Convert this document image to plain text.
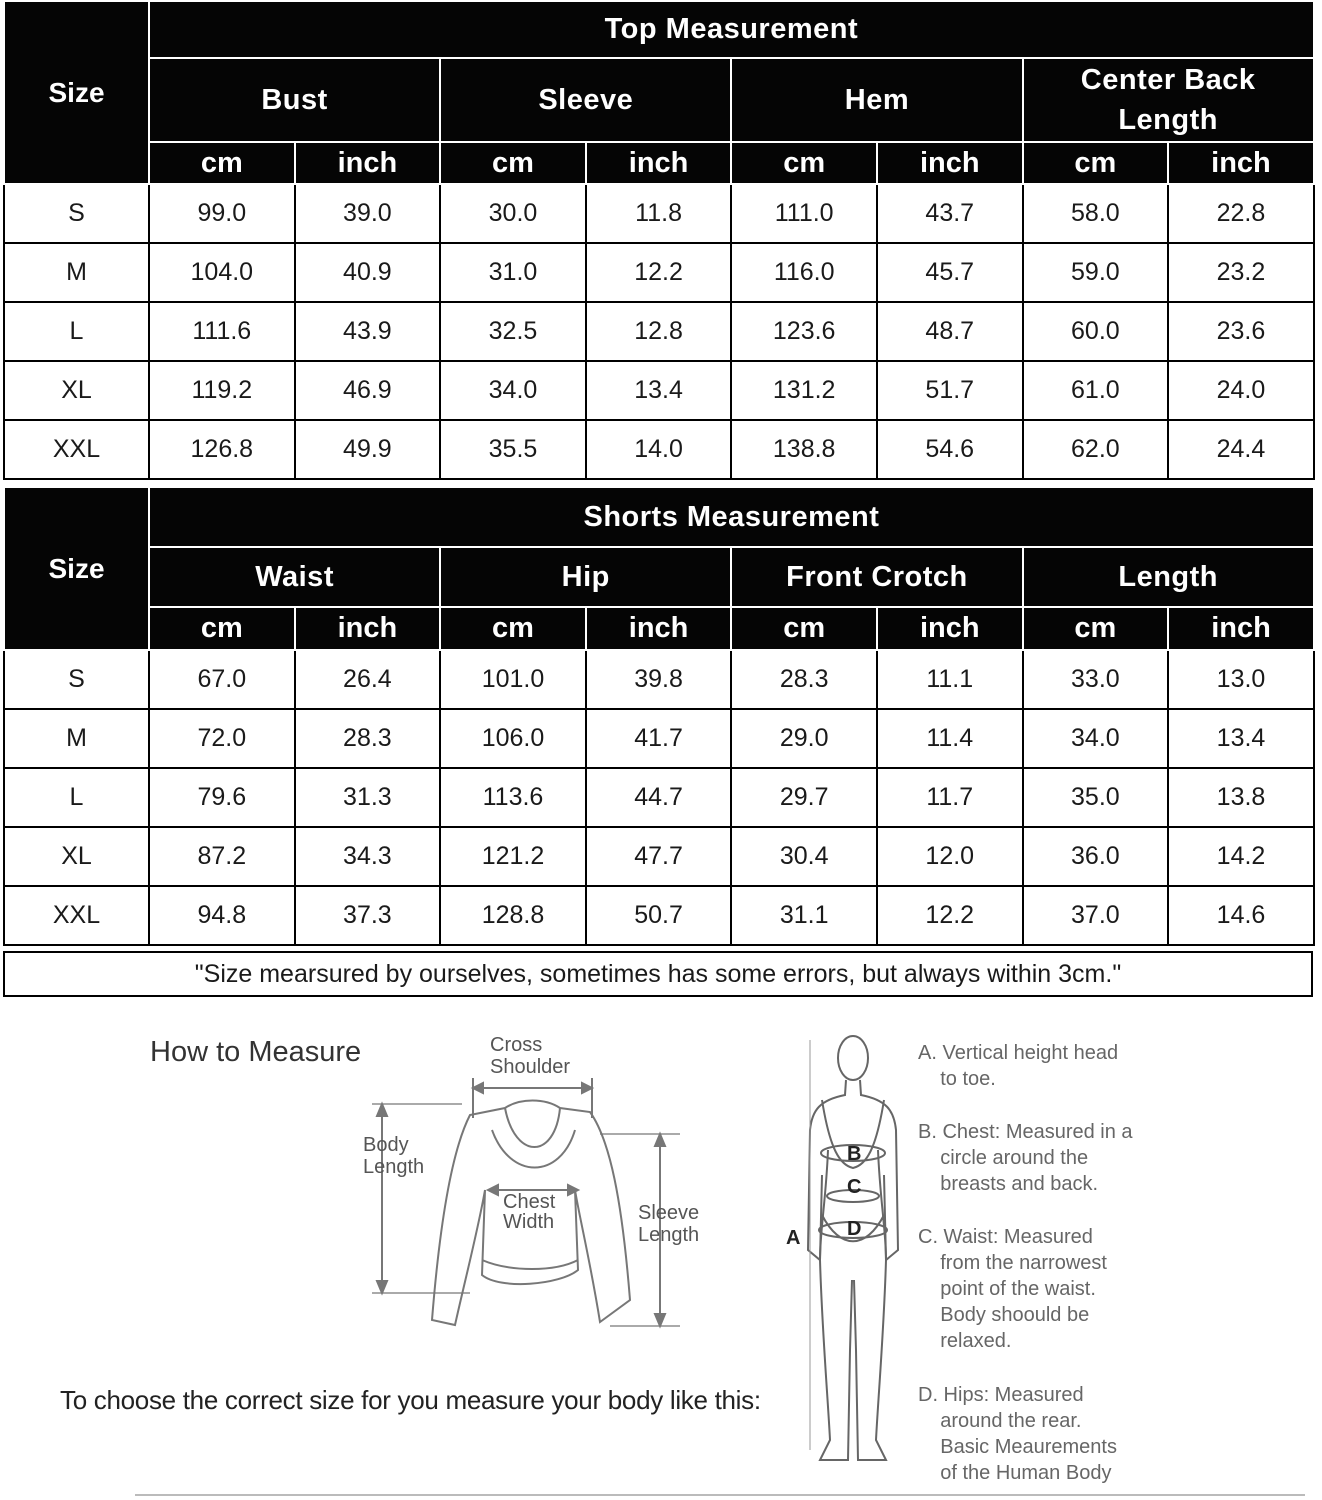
Size	Top Measurement							
	Bust		Sleeve		Hem		Center Back
Length	
	cm	inch	cm	inch	cm	inch	cm	inch
S	99.0	39.0	30.0	11.8	111.0	43.7	58.0	22.8
M	104.0	40.9	31.0	12.2	116.0	45.7	59.0	23.2
L	111.6	43.9	32.5	12.8	123.6	48.7	60.0	23.6
XL	119.2	46.9	34.0	13.4	131.2	51.7	61.0	24.0
XXL	126.8	49.9	35.5	14.0	138.8	54.6	62.0	24.4
Size	Shorts Measurement							
	Waist		Hip		Front Crotch		Length	
	cm	inch	cm	inch	cm	inch	cm	inch
S	67.0	26.4	101.0	39.8	28.3	11.1	33.0	13.0
M	72.0	28.3	106.0	41.7	29.0	11.4	34.0	13.4
L	79.6	31.3	113.6	44.7	29.7	11.7	35.0	13.8
XL	87.2	34.3	121.2	47.7	30.4	12.0	36.0	14.2
XXL	94.8	37.3	128.8	50.7	31.1	12.2	37.0	14.6
"Size mearsured by ourselves, sometimes has some errors, but always within 3cm."
How to Measure	Cross
Shoulder
Body
Length
Chest
Width	Sleeve
Length	A
B
C
D
A. Vertical height head
to toe.
B. Chest: Measured in a
circle around the
breasts and back.
C. Waist: Measured
from the narrowest
point of the waist.
Body shoould be
relaxed.
D. Hips: Measured
around the rear.
Basic Meaurements
of the Human Body
To choose the correct size for you measure your body like this:
